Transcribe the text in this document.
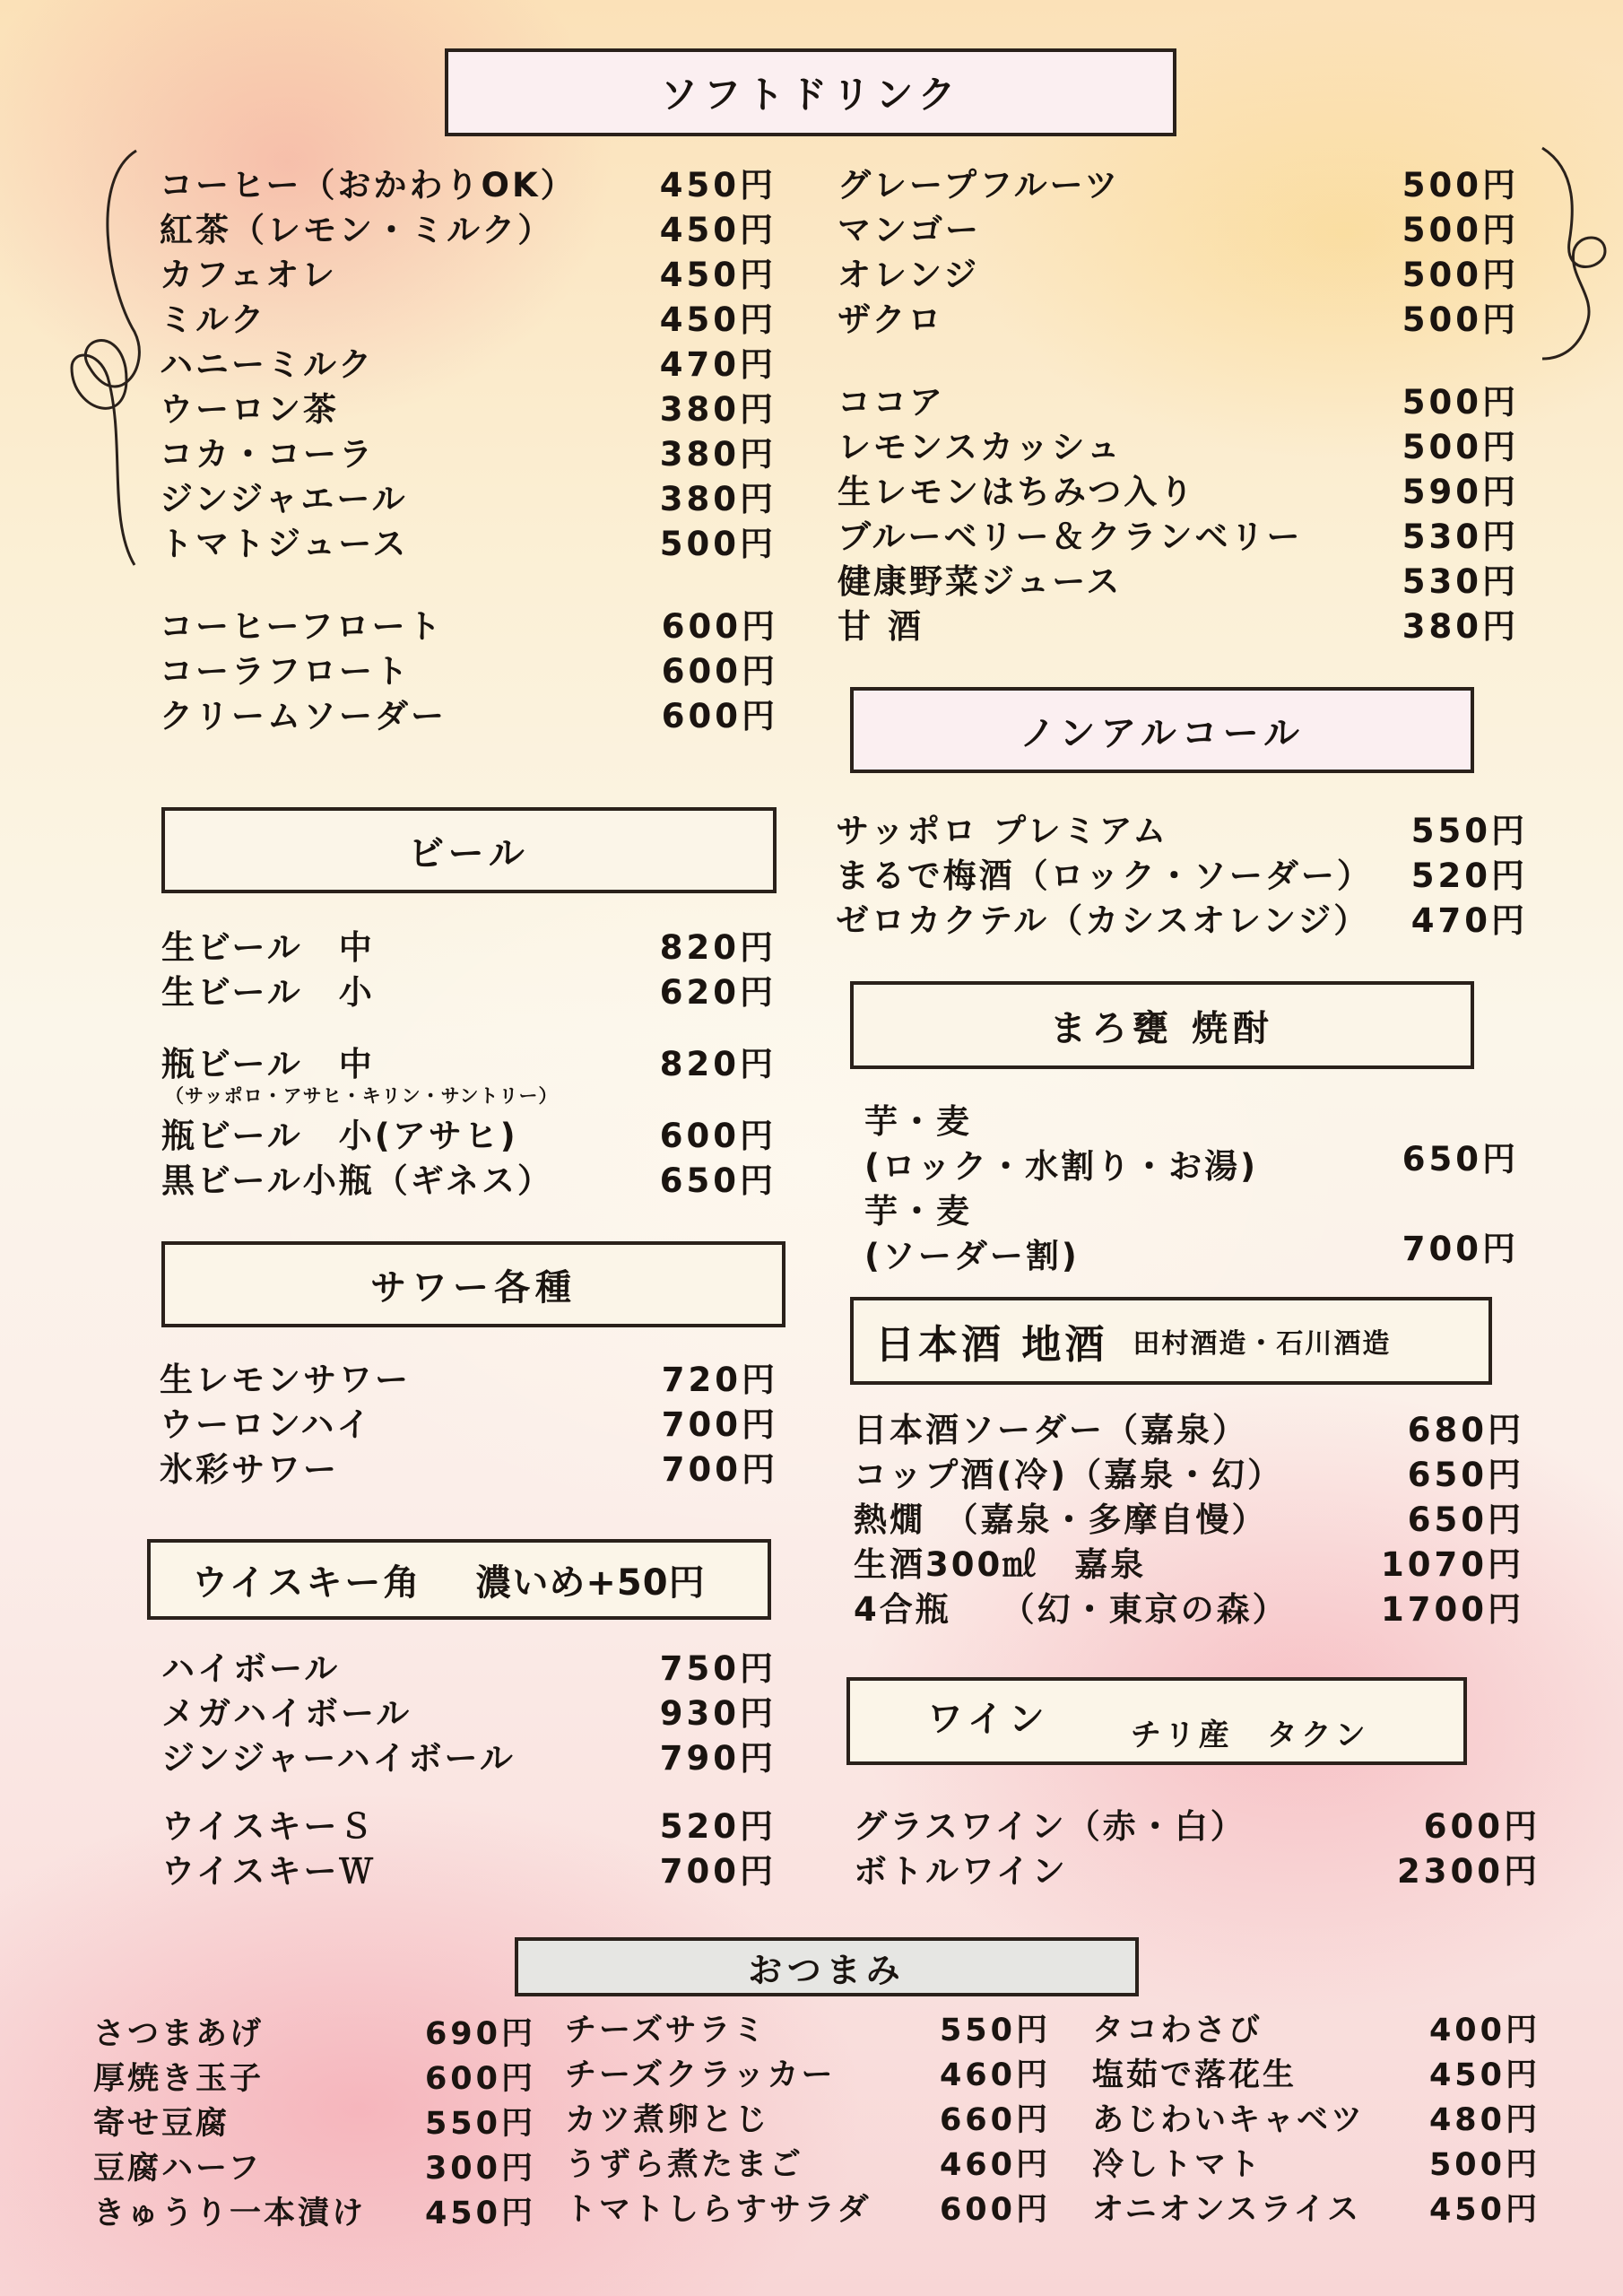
ソフトドリンク
コーヒー（おかわりOK）	450円
紅茶（レモン・ミルク）	450円
カフェオレ	450円
ミルク	450円
ハニーミルク	470円
ウーロン茶	380円
コカ・コーラ	380円
ジンジャエール	380円
トマトジュース	500円
コーヒーフロート	600円
コーラフロート	600円
クリームソーダー	600円
グレープフルーツ	500円
マンゴー	500円
オレンジ	500円
ザクロ	500円
ココア	500円
レモンスカッシュ	500円
生レモンはちみつ入り	590円
ブルーベリー＆クランベリー	530円
健康野菜ジュース	530円
甘 酒	380円
ビール
生ビール　中	820円
生ビール　小	620円
瓶ビール　中	820円
（サッポロ・アサヒ・キリン・サントリー）
瓶ビール　小(アサヒ)	600円
黒ビール小瓶（ギネス）	650円
サワー各種
生レモンサワー	720円
ウーロンハイ	700円
氷彩サワー	700円
ウイスキー角 濃いめ+50円
ハイボール	750円
メガハイボール	930円
ジンジャーハイボール	790円
ウイスキーＳ	520円
ウイスキーＷ	700円
ノンアルコール
サッポロ プレミアム	550円
まるで梅酒（ロック・ソーダー） 520円
ゼロカクテル（カシスオレンジ） 470円
まろ甕 焼酎
芋・麦
(ロック・水割り・お湯)	650円
芋・麦
(ソーダー割)	700円
日本酒 地酒 田村酒造・石川酒造
日本酒ソーダー（嘉泉）	680円
コップ酒(冷)（嘉泉・幻）	650円
熱燗　（嘉泉・多摩自慢）	650円
生酒300㎖　嘉泉	1070円
4合瓶　 （幻・東京の森）	1700円
ワイン	チリ産　タクン
グラスワイン（赤・白）	600円
ボトルワイン	2300円
おつまみ
さつまあげ	690円
厚焼き玉子	600円
寄せ豆腐	550円
豆腐ハーフ	300円
きゅうり一本漬け 450円
チーズサラミ	550円
チーズクラッカー	460円
カツ煮卵とじ	660円
うずら煮たまご	460円
トマトしらすサラダ 600円
タコわさび	400円
塩茹で落花生	450円
あじわいキャベツ 480円
冷しトマト	500円
オニオンスライス 450円
